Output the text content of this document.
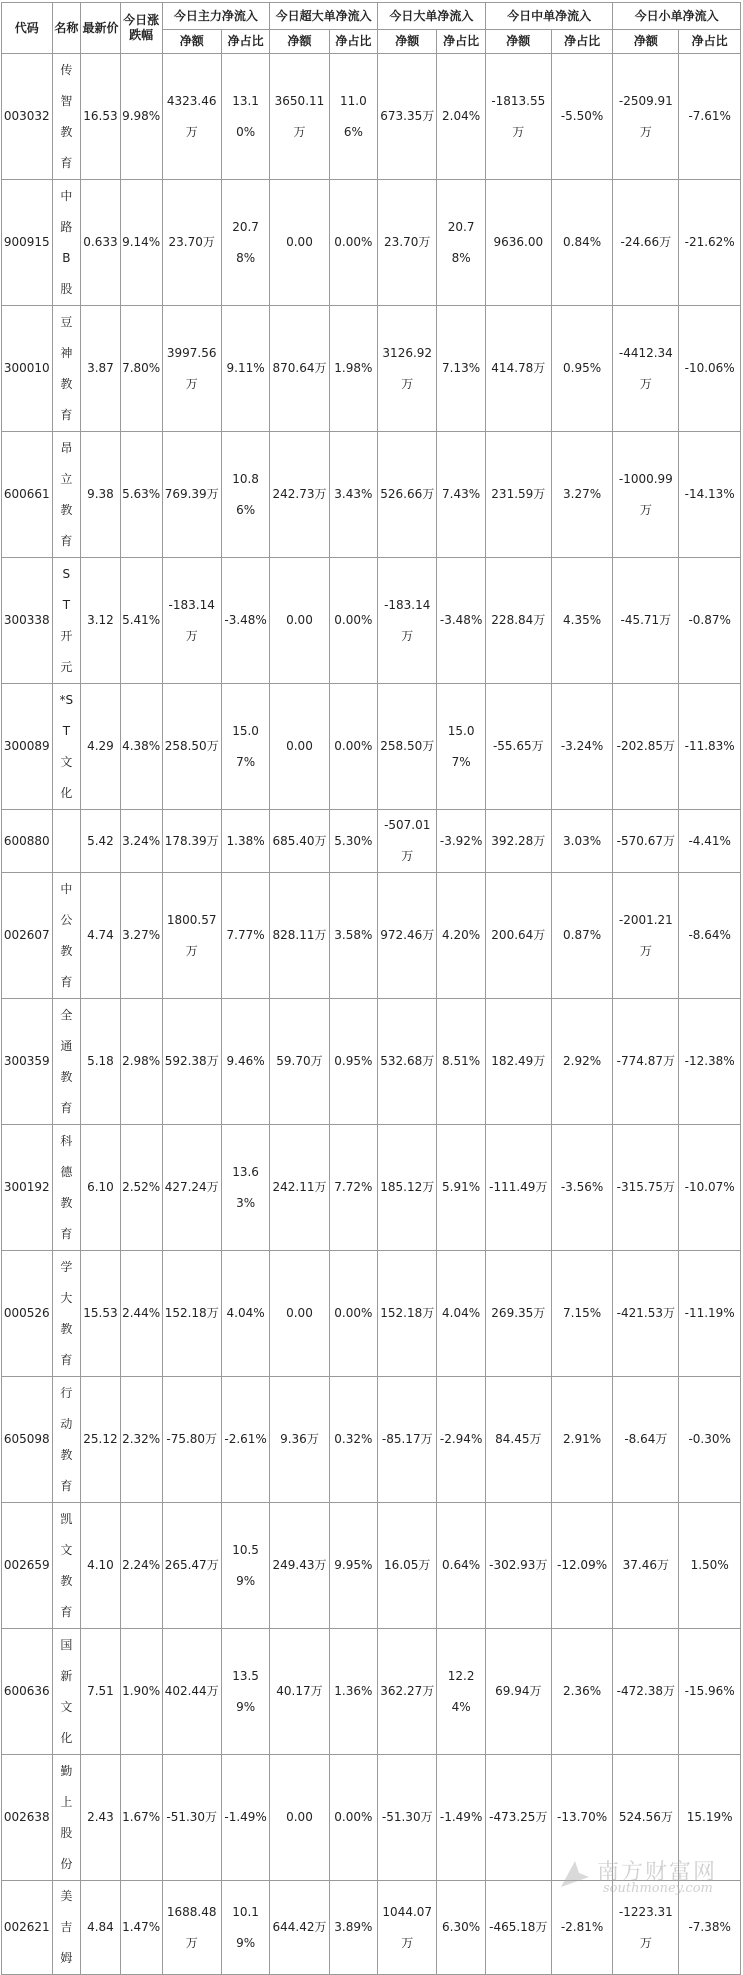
代码	名称	最新价	今日涨跌幅	今日主力净流入		今日超大单净流入		今日大单净流入		今日中单净流入		今日小单净流入	
				净额	净占比	净额	净占比	净额	净占比	净额	净占比	净额	净占比
003032	传智教育	16.53	9.98%	4323.46万	13.10%	3650.11万	11.06%	673.35万	2.04%	-1813.55万	-5.50%	-2509.91万	-7.61%
900915	中路B股	0.633	9.14%	23.70万	20.78%	0.00	0.00%	23.70万	20.78%	9636.00	0.84%	-24.66万	-21.62%
300010	豆神教育	3.87	7.80%	3997.56万	9.11%	870.64万	1.98%	3126.92万	7.13%	414.78万	0.95%	-4412.34万	-10.06%
600661	昂立教育	9.38	5.63%	769.39万	10.86%	242.73万	3.43%	526.66万	7.43%	231.59万	3.27%	-1000.99万	-14.13%
300338	ST开元	3.12	5.41%	-183.14万	-3.48%	0.00	0.00%	-183.14万	-3.48%	228.84万	4.35%	-45.71万	-0.87%
300089	*ST文化	4.29	4.38%	258.50万	15.07%	0.00	0.00%	258.50万	15.07%	-55.65万	-3.24%	-202.85万	-11.83%
600880		5.42	3.24%	178.39万	1.38%	685.40万	5.30%	-507.01万	-3.92%	392.28万	3.03%	-570.67万	-4.41%
002607	中公教育	4.74	3.27%	1800.57万	7.77%	828.11万	3.58%	972.46万	4.20%	200.64万	0.87%	-2001.21万	-8.64%
300359	全通教育	5.18	2.98%	592.38万	9.46%	59.70万	0.95%	532.68万	8.51%	182.49万	2.92%	-774.87万	-12.38%
300192	科德教育	6.10	2.52%	427.24万	13.63%	242.11万	7.72%	185.12万	5.91%	-111.49万	-3.56%	-315.75万	-10.07%
000526	学大教育	15.53	2.44%	152.18万	4.04%	0.00	0.00%	152.18万	4.04%	269.35万	7.15%	-421.53万	-11.19%
605098	行动教育	25.12	2.32%	-75.80万	-2.61%	9.36万	0.32%	-85.17万	-2.94%	84.45万	2.91%	-8.64万	-0.30%
002659	凯文教育	4.10	2.24%	265.47万	10.59%	249.43万	9.95%	16.05万	0.64%	-302.93万	-12.09%	37.46万	1.50%
600636	国新文化	7.51	1.90%	402.44万	13.59%	40.17万	1.36%	362.27万	12.24%	69.94万	2.36%	-472.38万	-15.96%
002638	勤上股份	2.43	1.67%	-51.30万	-1.49%	0.00	0.00%	-51.30万	-1.49%	-473.25万	-13.70%	524.56万	15.19%
002621	美吉姆	4.84	1.47%	1688.48万	10.19%	644.42万	3.89%	1044.07万	6.30%	-465.18万	-2.81%	-1223.31万	-7.38%
南方财富网
southmoney.com
